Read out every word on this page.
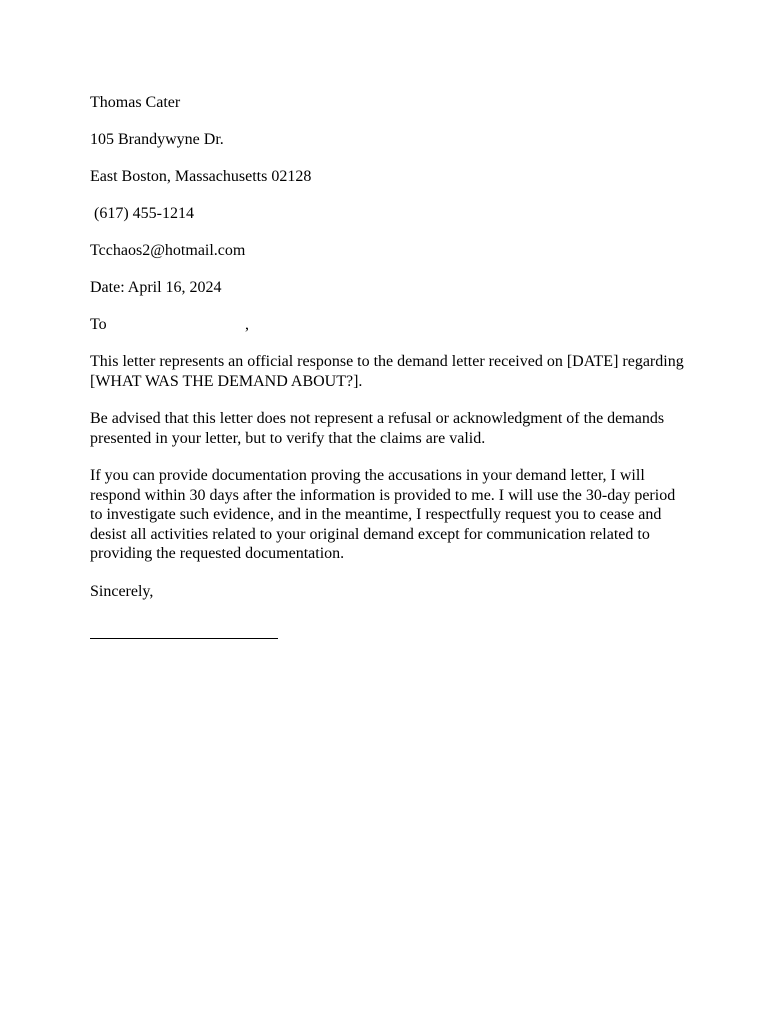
Thomas Cater
105 Brandywyne Dr.
East Boston, Massachusetts 02128
(617) 455-1214
Tcchaos2@hotmail.com
Date: April 16, 2024
To	,

This letter represents an official response to the demand letter received on [DATE] regarding [WHAT WAS THE DEMAND ABOUT?].

Be advised that this letter does not represent a refusal or acknowledgment of the demands presented in your letter, but to verify that the claims are valid.

If you can provide documentation proving the accusations in your demand letter, I will respond within 30 days after the information is provided to me. I will use the 30-day period to investigate such evidence, and in the meantime, I respectfully request you to cease and desist all activities related to your original demand except for communication related to providing the requested documentation.

Sincerely,
